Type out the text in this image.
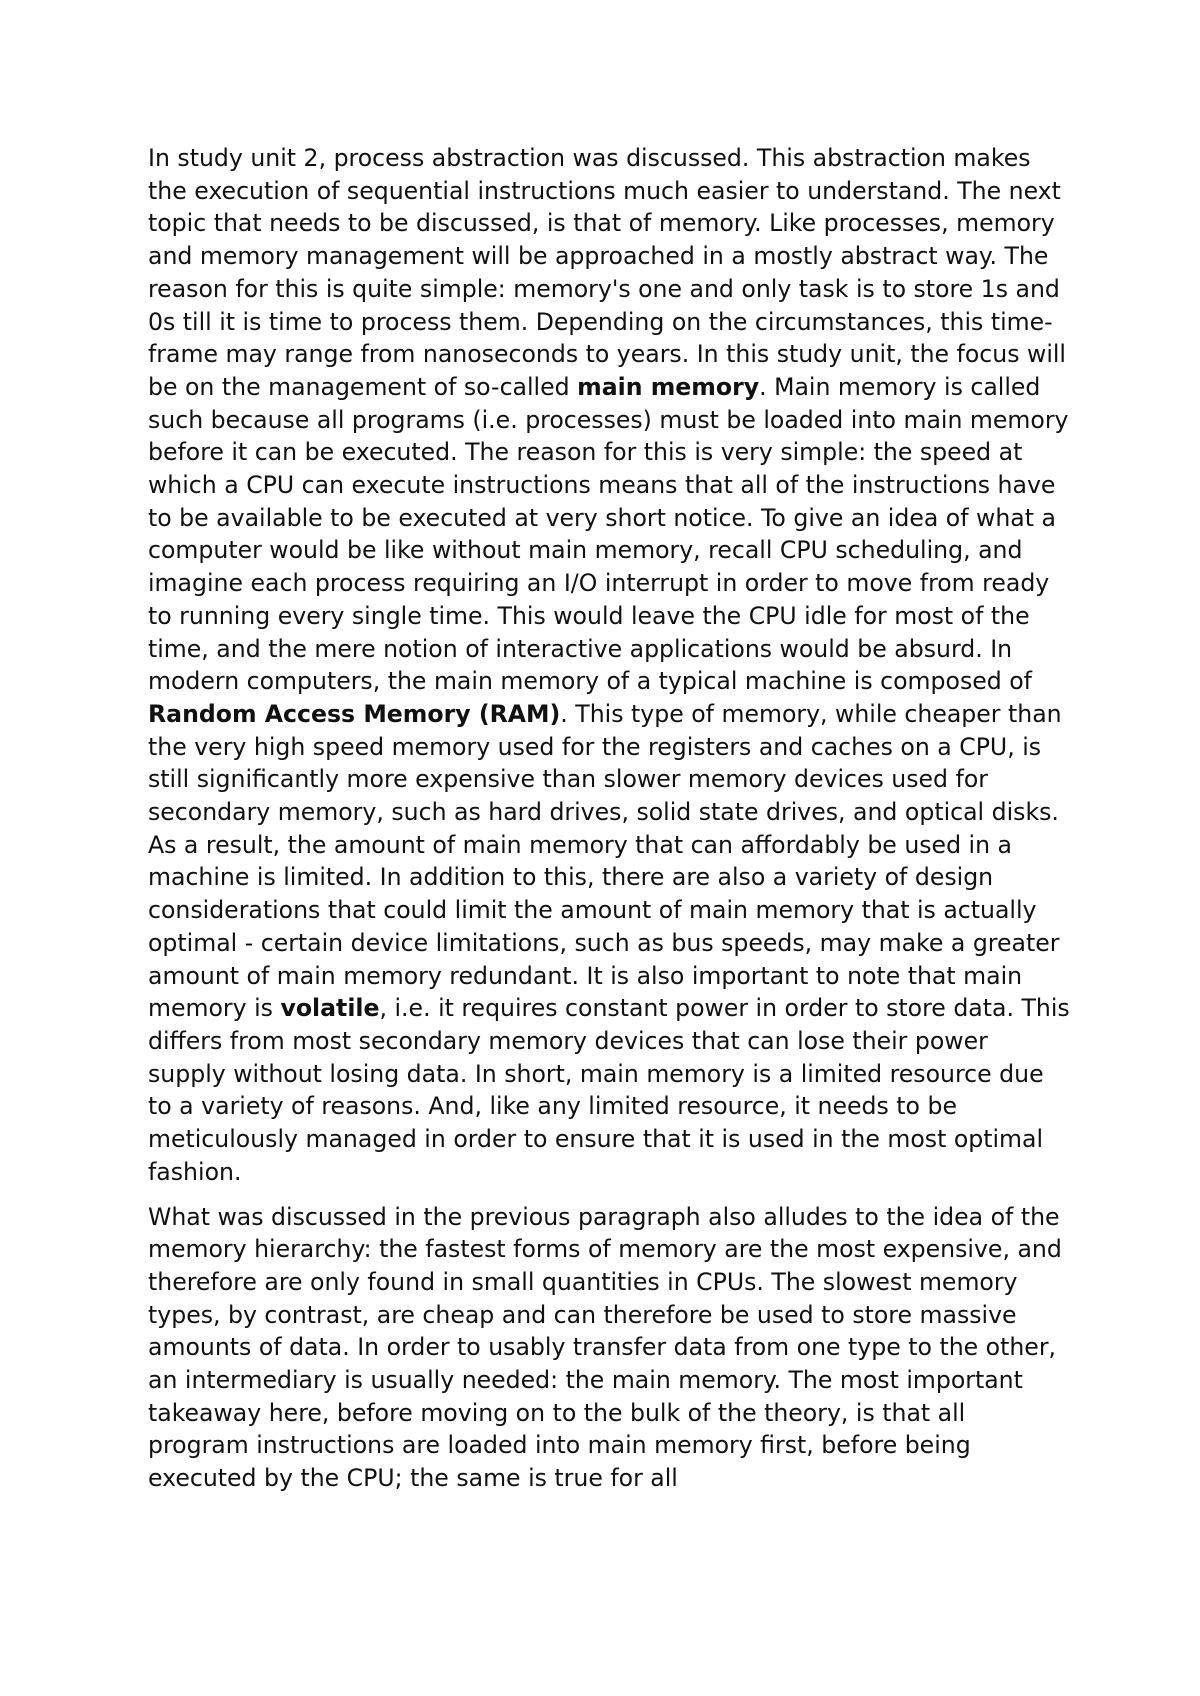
In study unit 2, process abstraction was discussed. This abstraction makes the execution of sequential instructions much easier to understand. The next topic that needs to be discussed, is that of memory. Like processes, memory and memory management will be approached in a mostly abstract way. The reason for this is quite simple: memory's one and only task is to store 1s and 0s till it is time to process them. Depending on the circumstances, this time-frame may range from nanoseconds to years. In this study unit, the focus will be on the management of so-called main memory. Main memory is called such because all programs (i.e. processes) must be loaded into main memory before it can be executed. The reason for this is very simple: the speed at which a CPU can execute instructions means that all of the instructions have to be available to be executed at very short notice. To give an idea of what a computer would be like without main memory, recall CPU scheduling, and imagine each process requiring an I/O interrupt in order to move from ready to running every single time. This would leave the CPU idle for most of the time, and the mere notion of interactive applications would be absurd. In modern computers, the main memory of a typical machine is composed of Random Access Memory (RAM). This type of memory, while cheaper than the very high speed memory used for the registers and caches on a CPU, is still significantly more expensive than slower memory devices used for secondary memory, such as hard drives, solid state drives, and optical disks. As a result, the amount of main memory that can affordably be used in a machine is limited. In addition to this, there are also a variety of design considerations that could limit the amount of main memory that is actually optimal - certain device limitations, such as bus speeds, may make a greater amount of main memory redundant. It is also important to note that main memory is volatile, i.e. it requires constant power in order to store data. This differs from most secondary memory devices that can lose their power supply without losing data. In short, main memory is a limited resource due to a variety of reasons. And, like any limited resource, it needs to be meticulously managed in order to ensure that it is used in the most optimal fashion.

What was discussed in the previous paragraph also alludes to the idea of the memory hierarchy: the fastest forms of memory are the most expensive, and therefore are only found in small quantities in CPUs. The slowest memory types, by contrast, are cheap and can therefore be used to store massive amounts of data. In order to usably transfer data from one type to the other, an intermediary is usually needed: the main memory. The most important takeaway here, before moving on to the bulk of the theory, is that all program instructions are loaded into main memory first, before being executed by the CPU; the same is true for all
